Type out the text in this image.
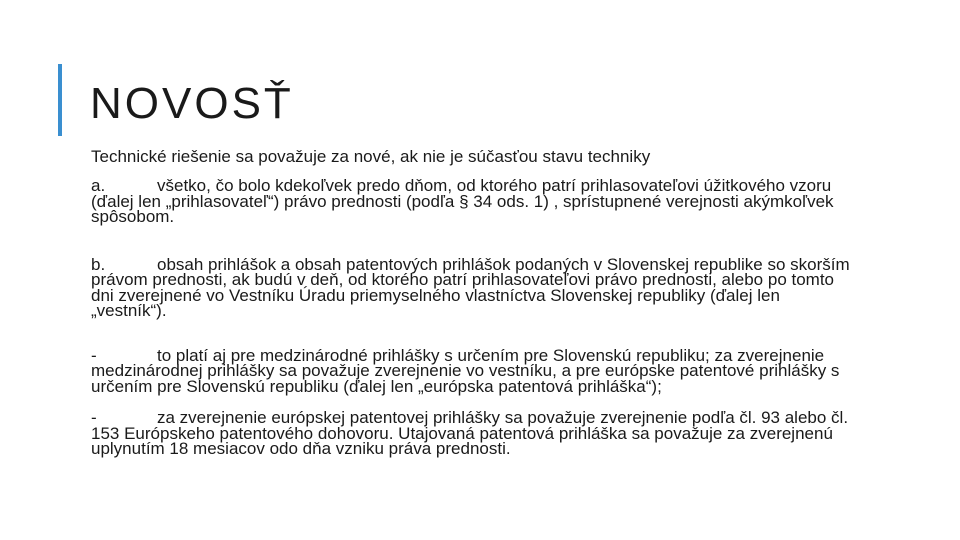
NOVOSŤ

Technické riešenie sa považuje za nové, ak nie je súčasťou stavu techniky

a.	všetko, čo bolo kdekoľvek predo dňom, od ktorého patrí prihlasovateľovi úžitkového vzoru (ďalej len „prihlasovateľ“) právo prednosti (podľa § 34 ods. 1) , sprístupnené verejnosti akýmkoľvek spôsobom.

b.	obsah prihlášok a obsah patentových prihlášok podaných v Slovenskej republike so skorším právom prednosti, ak budú v deň, od ktorého patrí prihlasovateľovi právo prednosti, alebo po tomto dni zverejnené vo Vestníku Úradu priemyselného vlastníctva Slovenskej republiky (ďalej len „vestník“).

-	to platí aj pre medzinárodné prihlášky s určením pre Slovenskú republiku; za zverejnenie medzinárodnej prihlášky sa považuje zverejnenie vo vestníku, a pre európske patentové prihlášky s určením pre Slovenskú republiku (ďalej len „európska patentová prihláška“);

-	za zverejnenie európskej patentovej prihlášky sa považuje zverejnenie podľa čl. 93 alebo čl. 153 Európskeho patentového dohovoru. Utajovaná patentová prihláška sa považuje za zverejnenú uplynutím 18 mesiacov odo dňa vzniku práva prednosti.
